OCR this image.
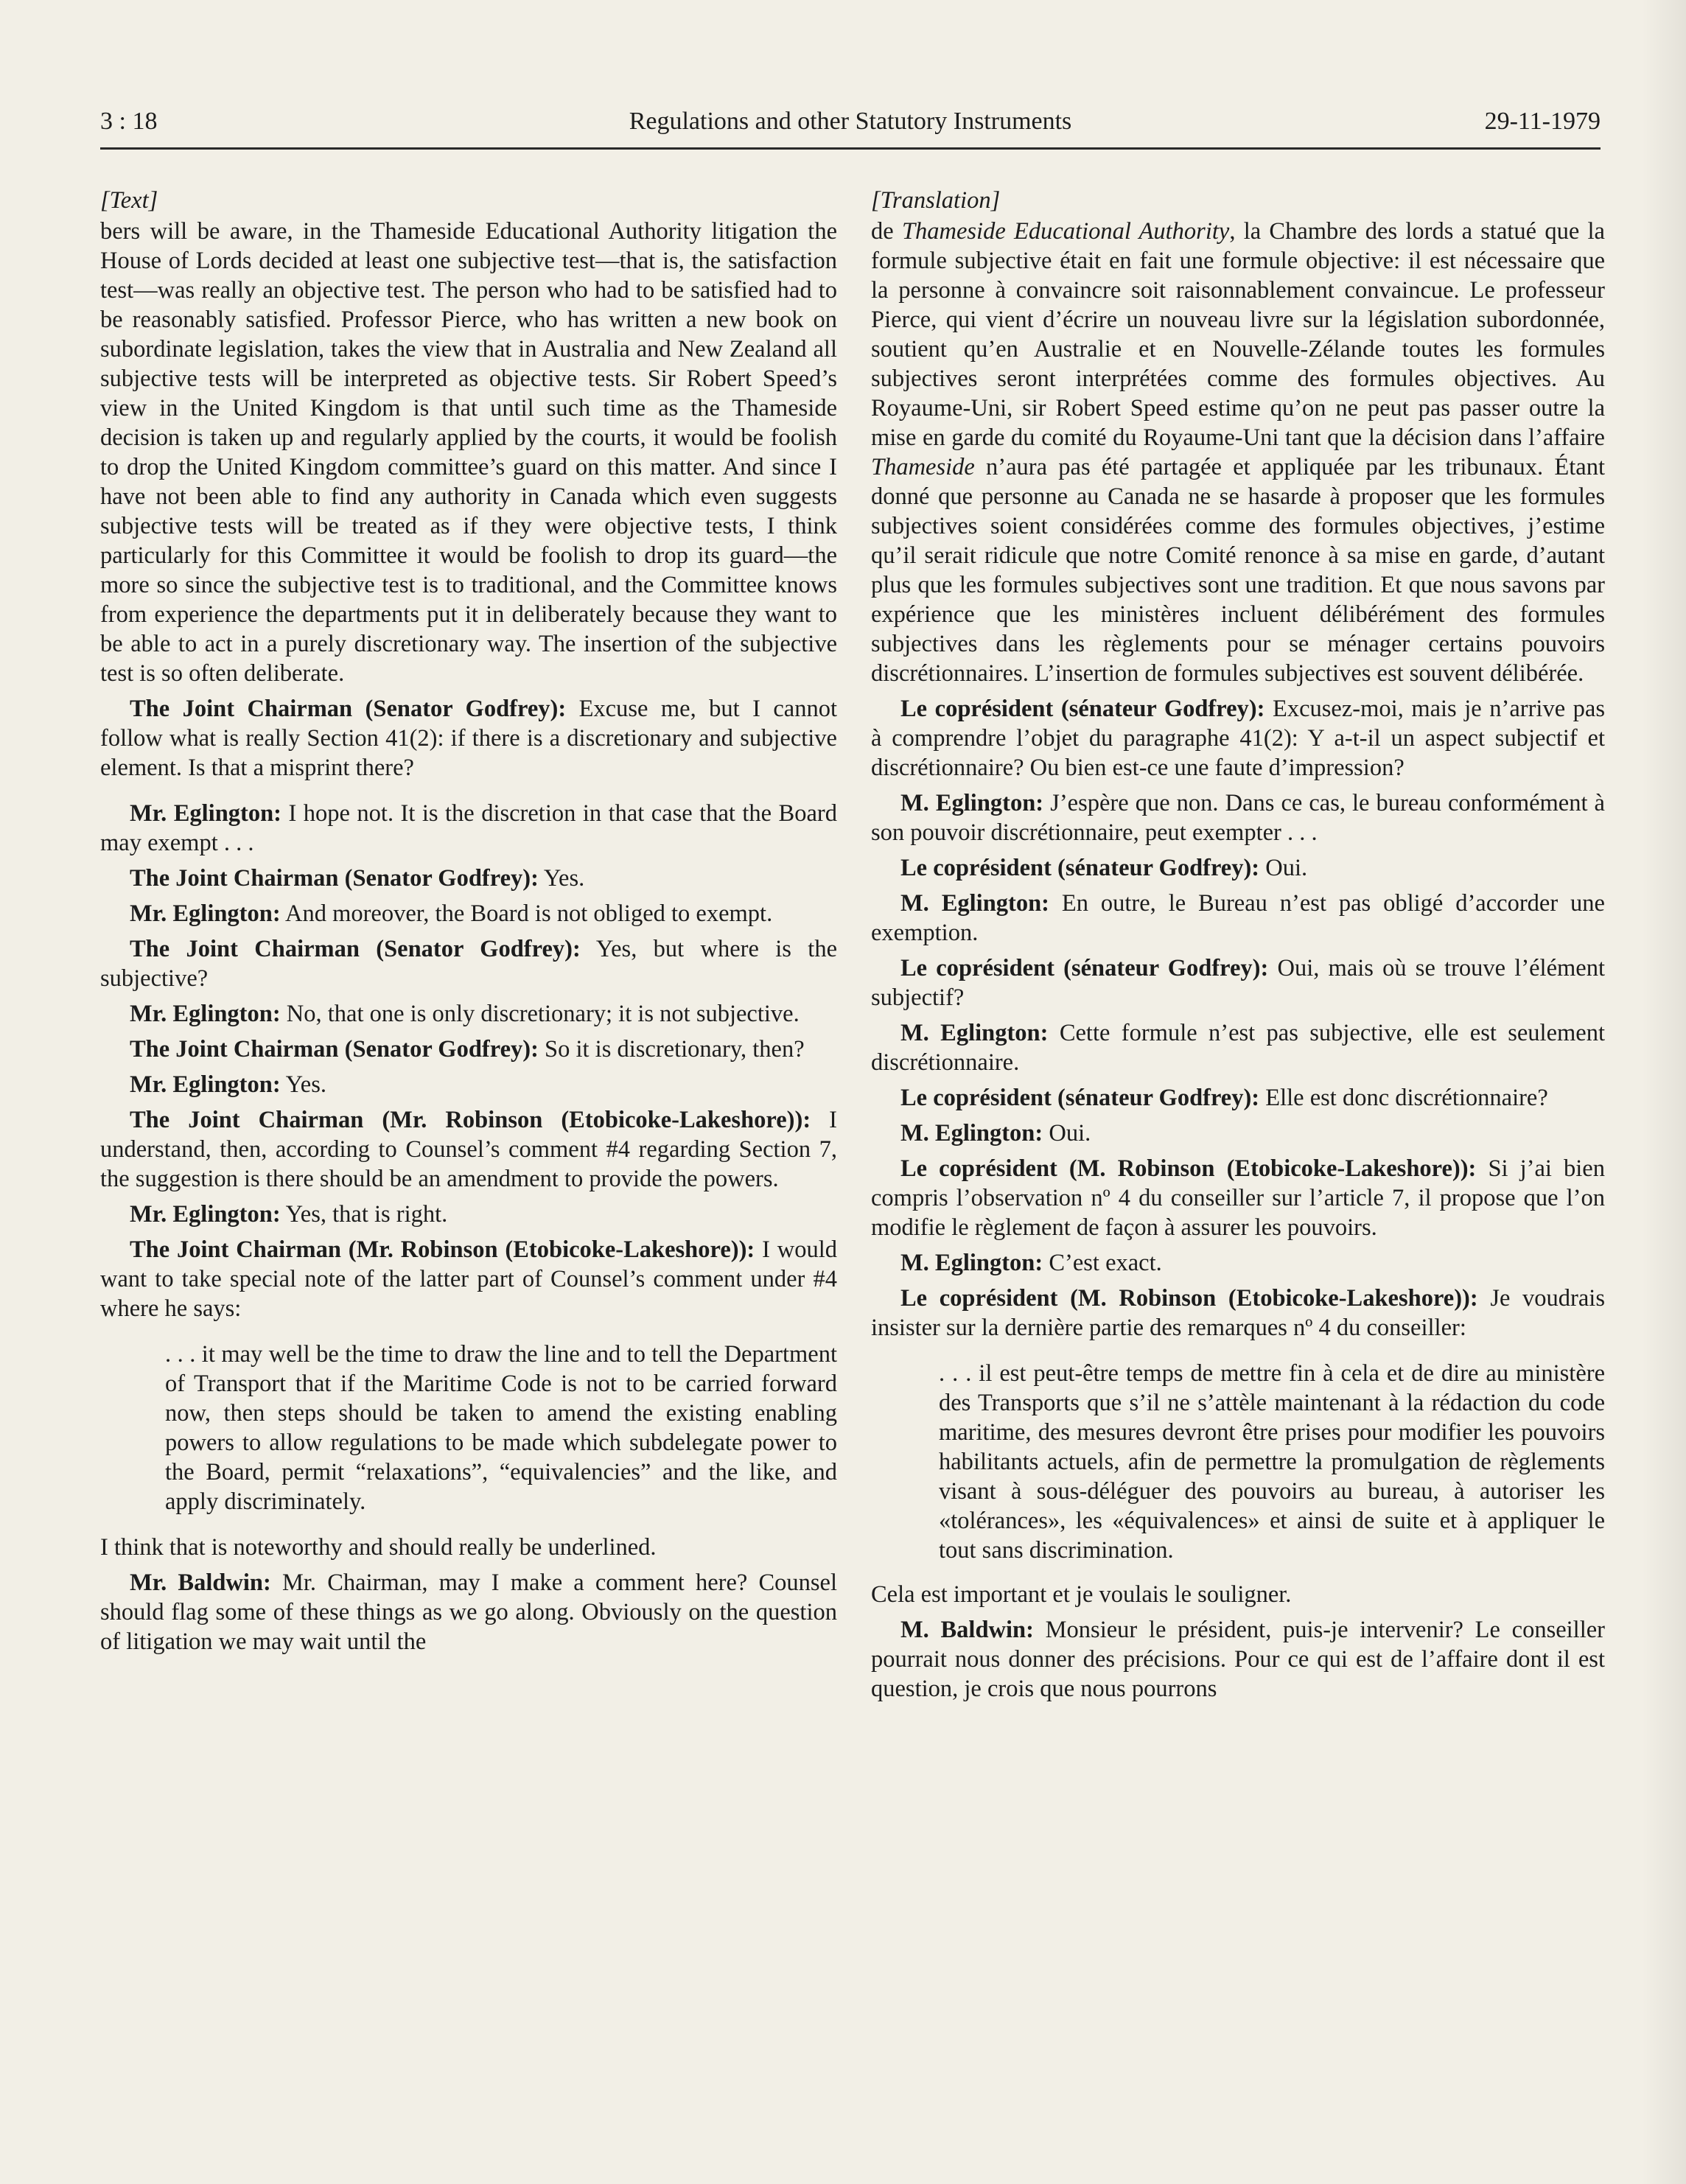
3 : 18	Regulations and other Statutory Instruments	29-11-1979

[Text]

bers will be aware, in the Thameside Educational Authority litigation the House of Lords decided at least one subjective test—that is, the satisfaction test—was really an objective test. The person who had to be satisfied had to be reasonably satisfied. Professor Pierce, who has written a new book on subordinate legislation, takes the view that in Australia and New Zealand all subjective tests will be interpreted as objective tests. Sir Robert Speed’s view in the United Kingdom is that until such time as the Thameside decision is taken up and regularly applied by the courts, it would be foolish to drop the United Kingdom committee’s guard on this matter. And since I have not been able to find any authority in Canada which even suggests subjective tests will be treated as if they were objective tests, I think particularly for this Committee it would be foolish to drop its guard—the more so since the subjective test is to traditional, and the Committee knows from experience the departments put it in deliberately because they want to be able to act in a purely discretionary way. The insertion of the subjective test is so often deliberate.

The Joint Chairman (Senator Godfrey): Excuse me, but I cannot follow what is really Section 41(2): if there is a discretionary and subjective element. Is that a misprint there?

Mr. Eglington: I hope not. It is the discretion in that case that the Board may exempt . . .

The Joint Chairman (Senator Godfrey): Yes.

Mr. Eglington: And moreover, the Board is not obliged to exempt.

The Joint Chairman (Senator Godfrey): Yes, but where is the subjective?

Mr. Eglington: No, that one is only discretionary; it is not subjective.

The Joint Chairman (Senator Godfrey): So it is discretionary, then?

Mr. Eglington: Yes.

The Joint Chairman (Mr. Robinson (Etobicoke-Lakeshore)): I understand, then, according to Counsel’s comment #4 regarding Section 7, the suggestion is there should be an amendment to provide the powers.

Mr. Eglington: Yes, that is right.

The Joint Chairman (Mr. Robinson (Etobicoke-Lakeshore)): I would want to take special note of the latter part of Counsel’s comment under #4 where he says:

. . . it may well be the time to draw the line and to tell the Department of Transport that if the Maritime Code is not to be carried forward now, then steps should be taken to amend the existing enabling powers to allow regulations to be made which subdelegate power to the Board, permit “relaxations”, “equivalencies” and the like, and apply discriminately.

I think that is noteworthy and should really be underlined.

Mr. Baldwin: Mr. Chairman, may I make a comment here? Counsel should flag some of these things as we go along. Obviously on the question of litigation we may wait until the

[Translation]

de Thameside Educational Authority, la Chambre des lords a statué que la formule subjective était en fait une formule objective: il est nécessaire que la personne à convaincre soit raisonnablement convaincue. Le professeur Pierce, qui vient d’écrire un nouveau livre sur la législation subordonnée, soutient qu’en Australie et en Nouvelle-Zélande toutes les formules subjectives seront interprétées comme des formules objectives. Au Royaume-Uni, sir Robert Speed estime qu’on ne peut pas passer outre la mise en garde du comité du Royaume-Uni tant que la décision dans l’affaire Thameside n’aura pas été partagée et appliquée par les tribunaux. Étant donné que personne au Canada ne se hasarde à proposer que les formules subjectives soient considérées comme des formules objectives, j’estime qu’il serait ridicule que notre Comité renonce à sa mise en garde, d’autant plus que les formules subjectives sont une tradition. Et que nous savons par expérience que les ministères incluent délibérément des formules subjectives dans les règlements pour se ménager certains pouvoirs discrétionnaires. L’insertion de formules subjectives est souvent délibérée.

Le coprésident (sénateur Godfrey): Excusez-moi, mais je n’arrive pas à comprendre l’objet du paragraphe 41(2): Y a-t-il un aspect subjectif et discrétionnaire? Ou bien est-ce une faute d’impression?

M. Eglington: J’espère que non. Dans ce cas, le bureau conformément à son pouvoir discrétionnaire, peut exempter . . .

Le coprésident (sénateur Godfrey): Oui.

M. Eglington: En outre, le Bureau n’est pas obligé d’accorder une exemption.

Le coprésident (sénateur Godfrey): Oui, mais où se trouve l’élément subjectif?

M. Eglington: Cette formule n’est pas subjective, elle est seulement discrétionnaire.

Le coprésident (sénateur Godfrey): Elle est donc discrétionnaire?

M. Eglington: Oui.

Le coprésident (M. Robinson (Etobicoke-Lakeshore)): Si j’ai bien compris l’observation nº 4 du conseiller sur l’article 7, il propose que l’on modifie le règlement de façon à assurer les pouvoirs.

M. Eglington: C’est exact.

Le coprésident (M. Robinson (Etobicoke-Lakeshore)): Je voudrais insister sur la dernière partie des remarques nº 4 du conseiller:

. . . il est peut-être temps de mettre fin à cela et de dire au ministère des Transports que s’il ne s’attèle maintenant à la rédaction du code maritime, des mesures devront être prises pour modifier les pouvoirs habilitants actuels, afin de permettre la promulgation de règlements visant à sous-déléguer des pouvoirs au bureau, à autoriser les «tolérances», les «équivalences» et ainsi de suite et à appliquer le tout sans discrimination.

Cela est important et je voulais le souligner.

M. Baldwin: Monsieur le président, puis-je intervenir? Le conseiller pourrait nous donner des précisions. Pour ce qui est de l’affaire dont il est question, je crois que nous pourrons
